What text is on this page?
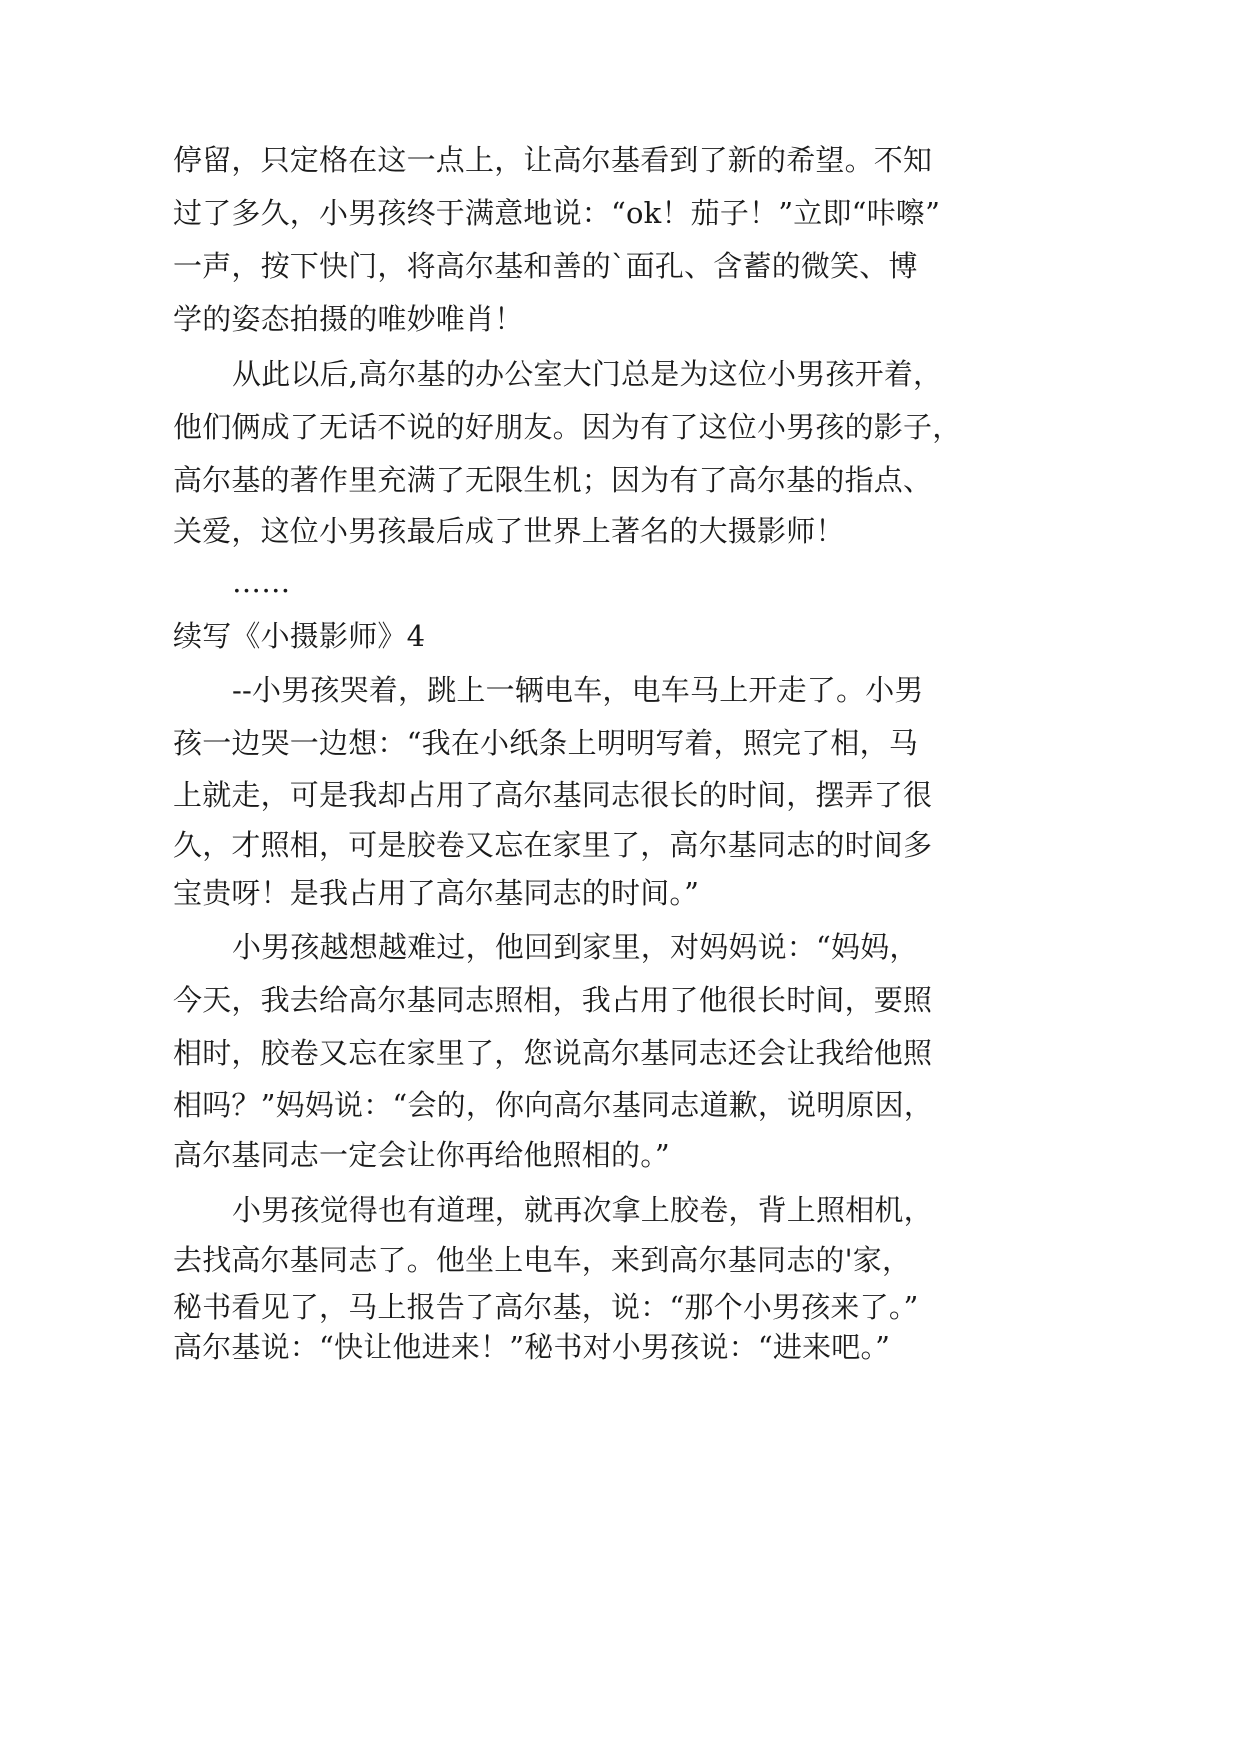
停留，只定格在这一点上，让高尔基看到了新的希望。不知
过了多久，小男孩终于满意地说：“ok！茄子！”立即“咔嚓”
一声，按下快门，将高尔基和善的`面孔、含蓄的微笑、博
学的姿态拍摄的唯妙唯肖！
从此以后,高尔基的办公室大门总是为这位小男孩开着，
他们俩成了无话不说的好朋友。因为有了这位小男孩的影子，
高尔基的著作里充满了无限生机；因为有了高尔基的指点、
关爱，这位小男孩最后成了世界上著名的大摄影师！
……
续写《小摄影师》4
--小男孩哭着，跳上一辆电车，电车马上开走了。小男
孩一边哭一边想：“我在小纸条上明明写着，照完了相，马
上就走，可是我却占用了高尔基同志很长的时间，摆弄了很
久，才照相，可是胶卷又忘在家里了，高尔基同志的时间多
宝贵呀！是我占用了高尔基同志的时间。”
小男孩越想越难过，他回到家里，对妈妈说：“妈妈，
今天，我去给高尔基同志照相，我占用了他很长时间，要照
相时，胶卷又忘在家里了，您说高尔基同志还会让我给他照
相吗？”妈妈说：“会的，你向高尔基同志道歉，说明原因，
高尔基同志一定会让你再给他照相的。”
小男孩觉得也有道理，就再次拿上胶卷，背上照相机，
去找高尔基同志了。他坐上电车，来到高尔基同志的'家，
秘书看见了，马上报告了高尔基，说：“那个小男孩来了。”
高尔基说：“快让他进来！”秘书对小男孩说：“进来吧。”
